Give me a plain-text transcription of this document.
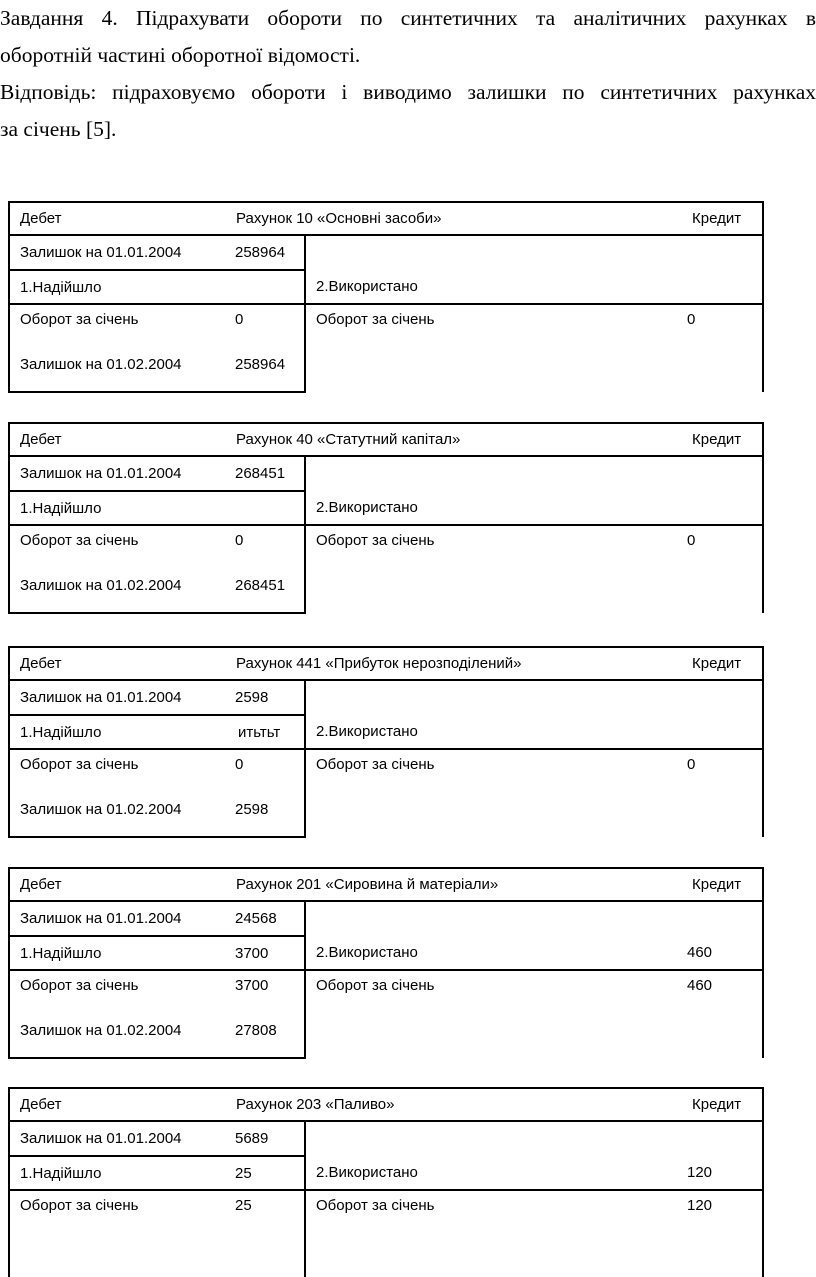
Завдання 4. Підрахувати обороти по синтетичних та аналітичних рахунках в

оборотній частині оборотної відомості.

Відповідь: підраховуємо обороти і виводимо залишки по синтетичних рахунках

за січень [5].

Дебет Рахунок 10 «Основні засоби» Кредит			

Залишок на 01.01.2004	258964		
1.Надійшло		2.Використано	
Оборот за січень	0	Оборот за січень	0

Залишок на 01.02.2004	258964		

Дебет Рахунок 40 «Статутний капітал» Кредит			

Залишок на 01.01.2004	268451		
1.Надійшло		2.Використано	
Оборот за січень	0	Оборот за січень	0

Залишок на 01.02.2004	268451		

Дебет Рахунок 441 «Прибуток нерозподілений» Кредит			

Залишок на 01.01.2004	2598		
1.Надійшло	итьтьт	2.Використано	
Оборот за січень	0	Оборот за січень	0

Залишок на 01.02.2004	2598		

Дебет Рахунок 201 «Сировина й матеріали» Кредит			

Залишок на 01.01.2004	24568		
1.Надійшло	3700	2.Використано	460
Оборот за січень	3700	Оборот за січень	460

Залишок на 01.02.2004	27808		

Дебет Рахунок 203 «Паливо» Кредит			

Залишок на 01.01.2004	5689		
1.Надійшло	25	2.Використано	120
Оборот за січень	25	Оборот за січень	120
